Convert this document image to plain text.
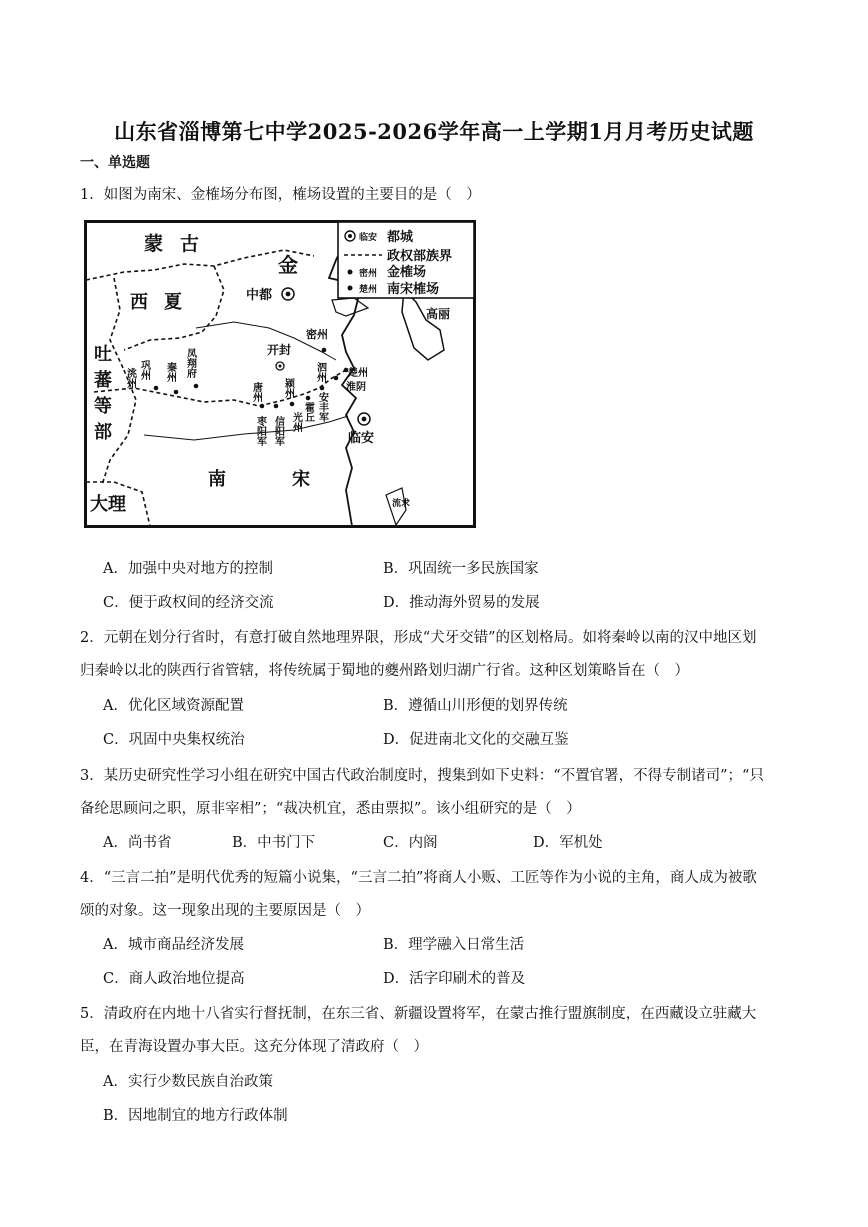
山东省淄博第七中学2025-2026学年高一上学期1月月考历史试题
一、单选题
1．如图为南宋、金榷场分布图，榷场设置的主要目的是（　）
临安 都城
政权部族界
密州 金榷场
楚州 南宋榷场
蒙 古
金
西 夏
吐
蕃
等
部
大理
南	宋
高丽
流求
中都
开封
临安
密州
泗州 楚州
淮阴
巩州
洮州	秦州 凤翔府
唐州
枣阳军
颍州
信阳军 光州 霍丘 安丰军
A．加强中央对地方的控制	B．巩固统一多民族国家
C．便于政权间的经济交流	D．推动海外贸易的发展
2．元朝在划分行省时，有意打破自然地理界限，形成“犬牙交错”的区划格局。如将秦岭以南的汉中地区划
归秦岭以北的陕西行省管辖，将传统属于蜀地的夔州路划归湖广行省。这种区划策略旨在（　）
A．优化区域资源配置	B．遵循山川形便的划界传统
C．巩固中央集权统治	D．促进南北文化的交融互鉴
3．某历史研究性学习小组在研究中国古代政治制度时，搜集到如下史料：“不置官署，不得专制诸司”；“只
备纶思顾问之职，原非宰相”；“裁决机宜，悉由票拟”。该小组研究的是（　）
A．尚书省	B．中书门下	C．内阁	D．军机处
4．“三言二拍”是明代优秀的短篇小说集，“三言二拍”将商人小贩、工匠等作为小说的主角，商人成为被歌
颂的对象。这一现象出现的主要原因是（　）
A．城市商品经济发展	B．理学融入日常生活
C．商人政治地位提高	D．活字印刷术的普及
5．清政府在内地十八省实行督抚制，在东三省、新疆设置将军，在蒙古推行盟旗制度，在西藏设立驻藏大
臣，在青海设置办事大臣。这充分体现了清政府（　）
A．实行少数民族自治政策
B．因地制宜的地方行政体制
